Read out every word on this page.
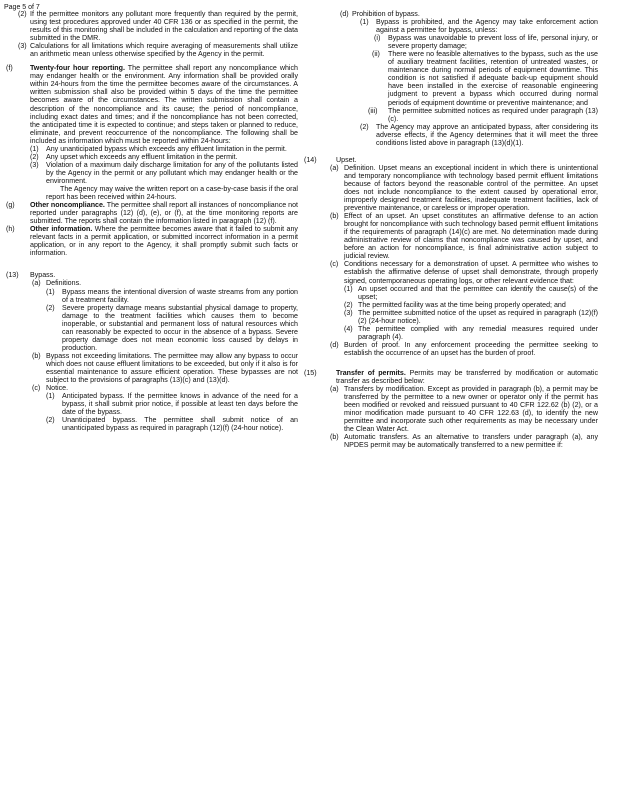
Page 5 of 7
(2) If the permittee monitors any pollutant more frequently than required by the permit, using test procedures approved under 40 CFR 136 or as specified in the permit, the results of this monitoring shall be included in the calculation and reporting of the data submitted in the DMR.
(3) Calculations for all limitations which require averaging of measurements shall utilize an arithmetic mean unless otherwise specified by the Agency in the permit.
(f) Twenty-four hour reporting. The permittee shall report any noncompliance which may endanger health or the environment. Any information shall be provided orally within 24-hours from the time the permittee becomes aware of the circumstances. A written submission shall also be provided within 5 days of the time the permittee becomes aware of the circumstances. The written submission shall contain a description of the noncompliance and its cause; the period of noncompliance, including exact dates and times; and if the noncompliance has not been corrected, the anticipated time it is expected to continue; and steps taken or planned to reduce, eliminate, and prevent reoccurrence of the noncompliance. The following shall be included as information which must be reported within 24-hours:
(1) Any unanticipated bypass which exceeds any effluent limitation in the permit.
(2) Any upset which exceeds any effluent limitation in the permit.
(3) Violation of a maximum daily discharge limitation for any of the pollutants listed by the Agency in the permit or any pollutant which may endanger health or the environment.
The Agency may waive the written report on a case-by-case basis if the oral report has been received within 24-hours.
(g) Other noncompliance. The permittee shall report all instances of noncompliance not reported under paragraphs (12) (d), (e), or (f), at the time monitoring reports are submitted. The reports shall contain the information listed in paragraph (12) (f).
(h) Other information. Where the permittee becomes aware that it failed to submit any relevant facts in a permit application, or submitted incorrect information in a permit application, or in any report to the Agency, it shall promptly submit such facts or information.
(13) Bypass.
(a) Definitions.
(1) Bypass means the intentional diversion of waste streams from any portion of a treatment facility.
(2) Severe property damage means substantial physical damage to property, damage to the treatment facilities which causes them to become inoperable, or substantial and permanent loss of natural resources which can reasonably be expected to occur in the absence of a bypass. Severe property damage does not mean economic loss caused by delays in production.
(b) Bypass not exceeding limitations. The permittee may allow any bypass to occur which does not cause effluent limitations to be exceeded, but only if it also is for essential maintenance to assure efficient operation. These bypasses are not subject to the provisions of paragraphs (13)(c) and (13)(d).
(c) Notice.
(1) Anticipated bypass. If the permittee knows in advance of the need for a bypass, it shall submit prior notice, if possible at least ten days before the date of the bypass.
(2) Unanticipated bypass. The permittee shall submit notice of an unanticipated bypass as required in paragraph (12)(f) (24-hour notice).
(d) Prohibition of bypass.
(1) Bypass is prohibited, and the Agency may take enforcement action against a permittee for bypass, unless:
(i) Bypass was unavoidable to prevent loss of life, personal injury, or severe property damage;
(ii) There were no feasible alternatives to the bypass, such as the use of auxiliary treatment facilities, retention of untreated wastes, or maintenance during normal periods of equipment downtime. This condition is not satisfied if adequate back-up equipment should have been installed in the exercise of reasonable engineering judgment to prevent a bypass which occurred during normal periods of equipment downtime or preventive maintenance; and
(iii) The permittee submitted notices as required under paragraph (13)(c).
(2) The Agency may approve an anticipated bypass, after considering its adverse effects, if the Agency determines that it will meet the three conditions listed above in paragraph (13)(d)(1).
(14)	Upset.
(a) Definition. Upset means an exceptional incident in which there is unintentional and temporary noncompliance with technology based permit effluent limitations because of factors beyond the reasonable control of the permittee. An upset does not include noncompliance to the extent caused by operational error, improperly designed treatment facilities, inadequate treatment facilities, lack of preventive maintenance, or careless or improper operation.
(b) Effect of an upset. An upset constitutes an affirmative defense to an action brought for noncompliance with such technology based permit effluent limitations if the requirements of paragraph (14)(c) are met. No determination made during administrative review of claims that noncompliance was caused by upset, and before an action for noncompliance, is final administrative action subject to judicial review.
(c) Conditions necessary for a demonstration of upset. A permittee who wishes to establish the affirmative defense of upset shall demonstrate, through properly signed, contemporaneous operating logs, or other relevant evidence that:
(1) An upset occurred and that the permittee can identify the cause(s) of the upset;
(2) The permitted facility was at the time being properly operated; and
(3) The permittee submitted notice of the upset as required in paragraph (12)(f)(2) (24-hour notice).
(4) The permittee complied with any remedial measures required under paragraph (4).
(d) Burden of proof. In any enforcement proceeding the permittee seeking to establish the occurrence of an upset has the burden of proof.
(15)	Transfer of permits. Permits may be transferred by modification or automatic transfer as described below:
(a) Transfers by modification. Except as provided in paragraph (b), a permit may be transferred by the permittee to a new owner or operator only if the permit has been modified or revoked and reissued pursuant to 40 CFR 122.62 (b) (2), or a minor modification made pursuant to 40 CFR 122.63 (d), to identify the new permittee and incorporate such other requirements as may be necessary under the Clean Water Act.
(b) Automatic transfers. As an alternative to transfers under paragraph (a), any NPDES permit may be automatically transferred to a new permittee if:
